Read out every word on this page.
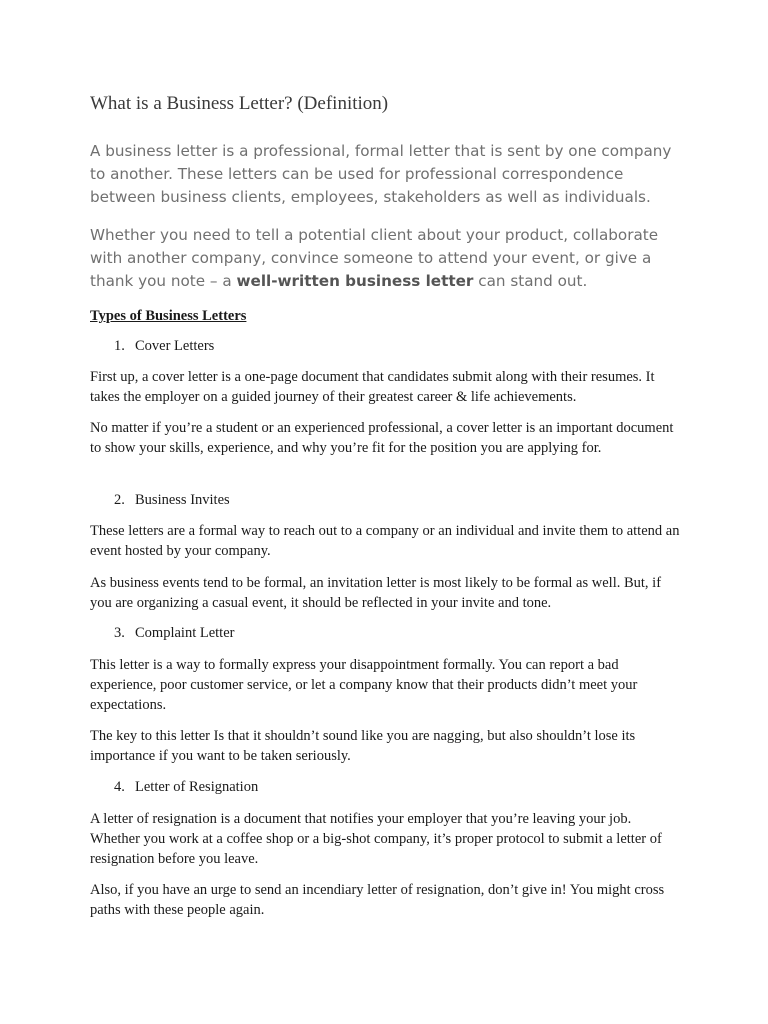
What is a Business Letter? (Definition)

A business letter is a professional, formal letter that is sent by one company to another. These letters can be used for professional correspondence between business clients, employees, stakeholders as well as individuals.

Whether you need to tell a potential client about your product, collaborate with another company, convince someone to attend your event, or give a thank you note – a well-written business letter can stand out.

Types of Business Letters
1. Cover Letters

First up, a cover letter is a one-page document that candidates submit along with their resumes. It takes the employer on a guided journey of their greatest career & life achievements.

No matter if you’re a student or an experienced professional, a cover letter is an important document to show your skills, experience, and why you’re fit for the position you are applying for.

2. Business Invites

These letters are a formal way to reach out to a company or an individual and invite them to attend an event hosted by your company.

As business events tend to be formal, an invitation letter is most likely to be formal as well. But, if you are organizing a casual event, it should be reflected in your invite and tone.

3. Complaint Letter

This letter is a way to formally express your disappointment formally. You can report a bad experience, poor customer service, or let a company know that their products didn’t meet your expectations.

The key to this letter Is that it shouldn’t sound like you are nagging, but also shouldn’t lose its importance if you want to be taken seriously.

4. Letter of Resignation

A letter of resignation is a document that notifies your employer that you’re leaving your job. Whether you work at a coffee shop or a big-shot company, it’s proper protocol to submit a letter of resignation before you leave.

Also, if you have an urge to send an incendiary letter of resignation, don’t give in! You might cross paths with these people again.
